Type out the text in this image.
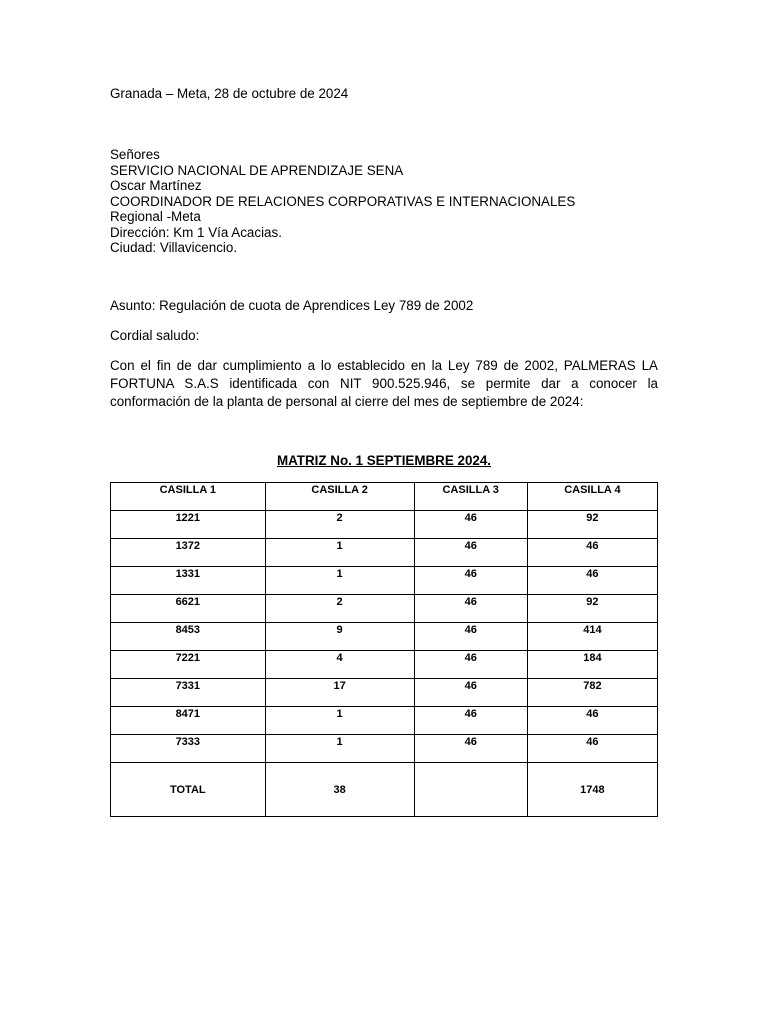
Granada – Meta, 28 de octubre de 2024
Señores
SERVICIO NACIONAL DE APRENDIZAJE SENA
Oscar Martínez
COORDINADOR DE RELACIONES CORPORATIVAS E INTERNACIONALES
Regional -Meta
Dirección: Km 1 Vía Acacias.
Ciudad: Villavicencio.
Asunto: Regulación de cuota de Aprendices Ley 789 de 2002
Cordial saludo:
Con el fin de dar cumplimiento a lo establecido en la Ley 789 de 2002, PALMERAS LA
FORTUNA S.A.S identificada con NIT 900.525.946, se permite dar a conocer la
conformación de la planta de personal al cierre del mes de septiembre de 2024:
MATRIZ No. 1 SEPTIEMBRE 2024.
CASILLA 1	CASILLA 2	CASILLA 3	CASILLA 4
1221	2	46	92
1372	1	46	46
1331	1	46	46
6621	2	46	92
8453	9	46	414
7221	4	46	184
7331	17	46	782
8471	1	46	46
7333	1	46	46
TOTAL	38		1748
